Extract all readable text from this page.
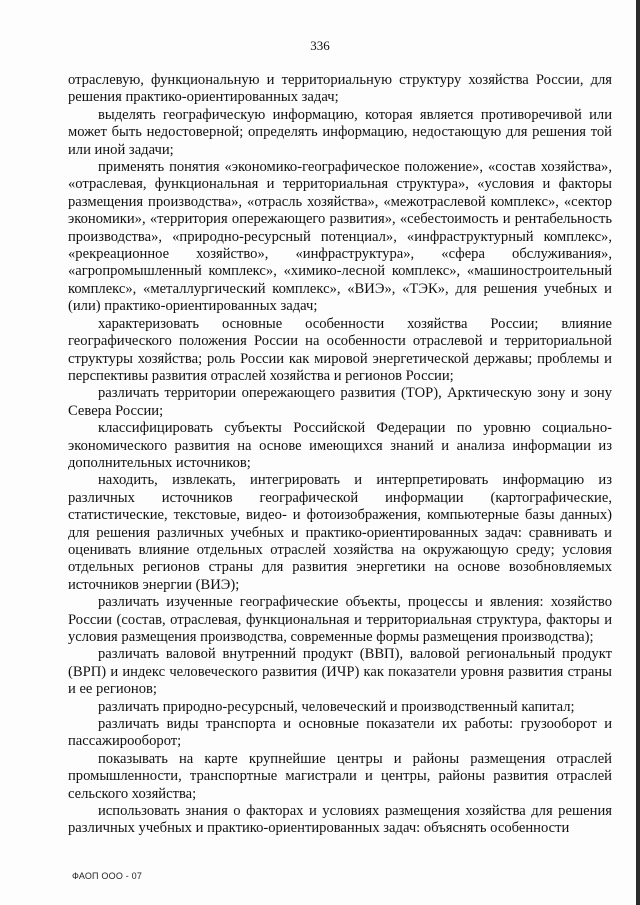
336

отраслевую, функциональную и территориальную структуру хозяйства России, для решения практико-ориентированных задач;

выделять географическую информацию, которая является противоречивой или может быть недостоверной; определять информацию, недостающую для решения той или иной задачи;

применять понятия «экономико-географическое положение», «состав хозяйства», «отраслевая, функциональная и территориальная структура», «условия и факторы размещения производства», «отрасль хозяйства», «межотраслевой комплекс», «сектор экономики», «территория опережающего развития», «себестоимость и рентабельность производства», «природно-ресурсный потенциал», «инфраструктурный комплекс», «рекреационное хозяйство», «инфраструктура», «сфера обслуживания», «агропромышленный комплекс», «химико-лесной комплекс», «машиностроительный комплекс», «металлургический комплекс», «ВИЭ», «ТЭК», для решения учебных и (или) практико-ориентированных задач;

характеризовать основные особенности хозяйства России; влияние географического положения России на особенности отраслевой и территориальной структуры хозяйства; роль России как мировой энергетической державы; проблемы и перспективы развития отраслей хозяйства и регионов России;

различать территории опережающего развития (ТОР), Арктическую зону и зону Севера России;

классифицировать субъекты Российской Федерации по уровню социально-экономического развития на основе имеющихся знаний и анализа информации из дополнительных источников;

находить, извлекать, интегрировать и интерпретировать информацию из различных источников географической информации (картографические, статистические, текстовые, видео- и фотоизображения, компьютерные базы данных) для решения различных учебных и практико-ориентированных задач: сравнивать и оценивать влияние отдельных отраслей хозяйства на окружающую среду; условия отдельных регионов страны для развития энергетики на основе возобновляемых источников энергии (ВИЭ);

различать изученные географические объекты, процессы и явления: хозяйство России (состав, отраслевая, функциональная и территориальная структура, факторы и условия размещения производства, современные формы размещения производства);

различать валовой внутренний продукт (ВВП), валовой региональный продукт (ВРП) и индекс человеческого развития (ИЧР) как показатели уровня развития страны и ее регионов;

различать природно-ресурсный, человеческий и производственный капитал;

различать виды транспорта и основные показатели их работы: грузооборот и пассажирооборот;

показывать на карте крупнейшие центры и районы размещения отраслей промышленности, транспортные магистрали и центры, районы развития отраслей сельского хозяйства;

использовать знания о факторах и условиях размещения хозяйства для решения различных учебных и практико-ориентированных задач: объяснять особенности

ФАОП ООО - 07
